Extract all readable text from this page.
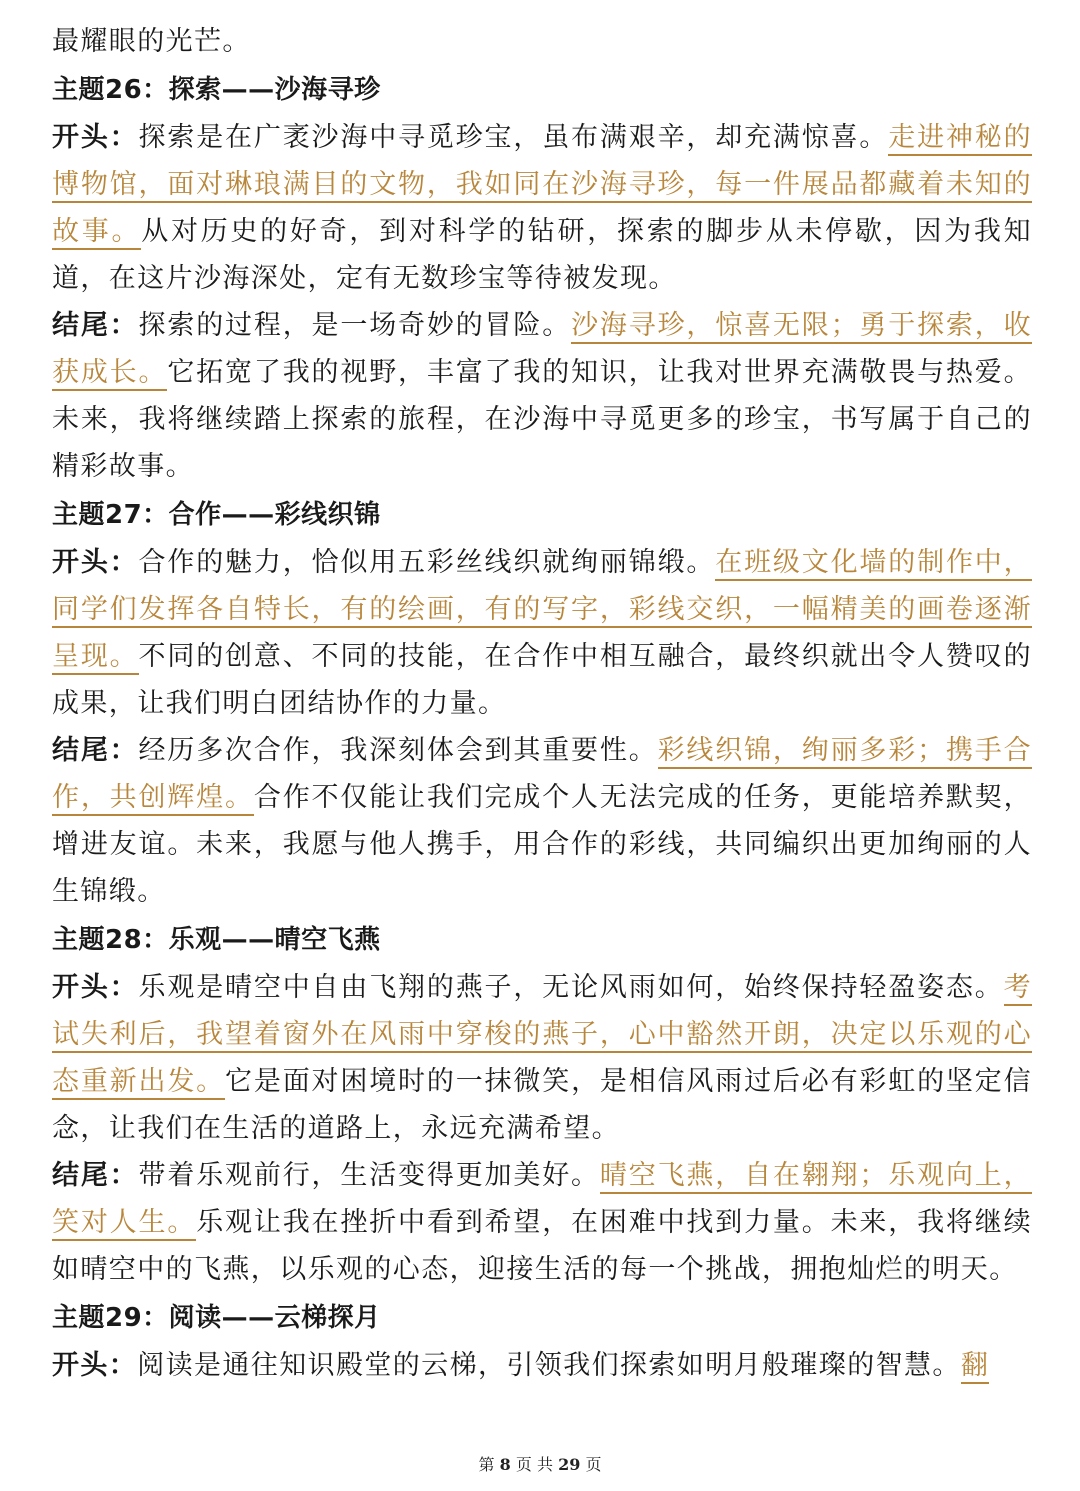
最耀眼的光芒。

主题26：探索——沙海寻珍

开头：探索是在广袤沙海中寻觅珍宝，虽布满艰辛，却充满惊喜。走进神秘的博物馆，面对琳琅满目的文物，我如同在沙海寻珍，每一件展品都藏着未知的故事。从对历史的好奇，到对科学的钻研，探索的脚步从未停歇，因为我知道，在这片沙海深处，定有无数珍宝等待被发现。

结尾：探索的过程，是一场奇妙的冒险。沙海寻珍，惊喜无限；勇于探索，收获成长。它拓宽了我的视野，丰富了我的知识，让我对世界充满敬畏与热爱。未来，我将继续踏上探索的旅程，在沙海中寻觅更多的珍宝，书写属于自己的精彩故事。

主题27：合作——彩线织锦

开头：合作的魅力，恰似用五彩丝线织就绚丽锦缎。在班级文化墙的制作中，同学们发挥各自特长，有的绘画，有的写字，彩线交织，一幅精美的画卷逐渐呈现。不同的创意、不同的技能，在合作中相互融合，最终织就出令人赞叹的成果，让我们明白团结协作的力量。

结尾：经历多次合作，我深刻体会到其重要性。彩线织锦，绚丽多彩；携手合作，共创辉煌。合作不仅能让我们完成个人无法完成的任务，更能培养默契，增进友谊。未来，我愿与他人携手，用合作的彩线，共同编织出更加绚丽的人生锦缎。

主题28：乐观——晴空飞燕

开头：乐观是晴空中自由飞翔的燕子，无论风雨如何，始终保持轻盈姿态。考试失利后，我望着窗外在风雨中穿梭的燕子，心中豁然开朗，决定以乐观的心态重新出发。它是面对困境时的一抹微笑，是相信风雨过后必有彩虹的坚定信念，让我们在生活的道路上，永远充满希望。

结尾：带着乐观前行，生活变得更加美好。晴空飞燕，自在翱翔；乐观向上，笑对人生。乐观让我在挫折中看到希望，在困难中找到力量。未来，我将继续如晴空中的飞燕，以乐观的心态，迎接生活的每一个挑战，拥抱灿烂的明天。

主题29：阅读——云梯探月

开头：阅读是通往知识殿堂的云梯，引领我们探索如明月般璀璨的智慧。翻

第 8 页 共 29 页
